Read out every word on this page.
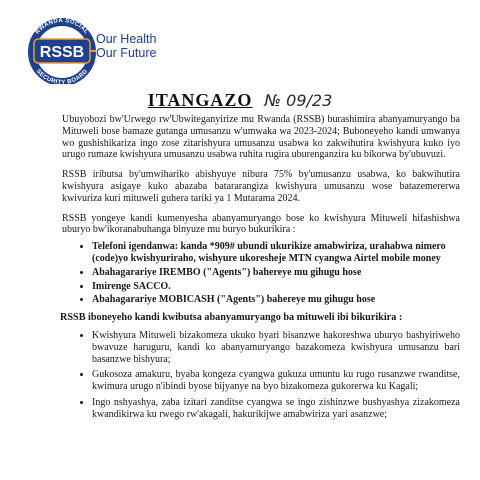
RWANDA SOCIAL
SECURITY BOARD
RSSB
Our Health
Our Future
ITANGAZO № 09/23

Ubuyobozi bw'Urwego rw'Ubwiteganyirize mu Rwanda (RSSB) burashimira abanyamuryango ba Mituweli bose bamaze gutanga umusanzu w'umwaka wa 2023-2024; Buboneyeho kandi umwanya wo gushishikariza ingo zose zitarishyura umusanzu usabwa ko zakwihutira kwishyura kuko iyo urugo rumaze kwishyura umusanzu usabwa ruhita rugira uburenganzira ku bikorwa by'ubuvuzi.

RSSB iributsa by'umwihariko abishyuye nibura 75% by'umusanzu usabwa, ko bakwihutira kwishyura asigaye kuko abazaba batararangiza kwishyura umusanzu wose batazemererwa kwivuriza kuri mituweli guhera tariki ya 1 Mutarama 2024.

RSSB yongeye kandi kumenyesha abanyamuryango bose ko kwishyura Mituweli hifashishwa uburyo bw'ikoranabuhanga binyuze mu buryo bukurikira :

• Telefoni igendanwa: kanda *909# ubundi ukurikize amabwiriza, urahabwa nimero (code)yo kwishyuriraho, wishyure ukoresheje MTN cyangwa Airtel mobile money
• Abahagarariye IREMBO ("Agents") bahereye mu gihugu hose
• Imirenge SACCO.
• Abahagarariye MOBICASH ("Agents") bahereye mu gihugu hose
RSSB iboneyeho kandi kwibutsa abanyamuryango ba mituweli ibi bikurikira :
• Kwishyura Mituweli bizakomeza ukuko byari bisanzwe hakoreshwa uburyo bashyiriweho bwavuze haruguru, kandi ko abanyamuryango bazakomeza kwishyura umusanzu bari basanzwe bishyura;
• Gukosoza amakuru, byaba kongeza cyangwa gukuza umuntu ku rugo rusanzwe rwanditse, kwimura urugo n'ibindi byose bijyanye na byo bizakomeza gukorerwa ku Kagali;
• Ingo nshyashya, zaba izitari zanditse cyangwa se ingo zishinzwe bushyashya zizakomeza kwandikirwa ku rwego rw'akagali, hakurikijwe amabwiriza yari asanzwe;
